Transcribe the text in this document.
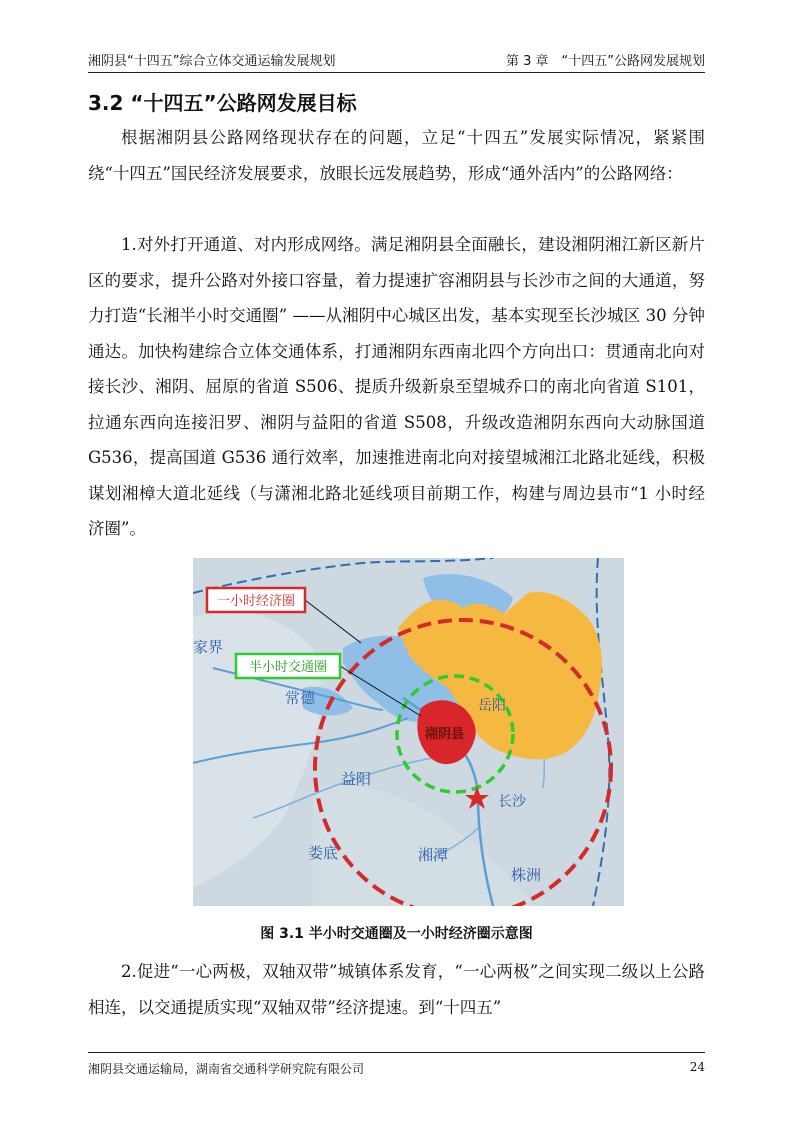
湘阴县“十四五”综合立体交通运输发展规划	第 3 章　“十四五”公路网发展规划
3.2 “十四五”公路网发展目标

根据湘阴县公路网络现状存在的问题，立足“十四五”发展实际情况，紧紧围绕“十四五”国民经济发展要求，放眼长远发展趋势，形成“通外活内”的公路网络：

1.对外打开通道、对内形成网络。满足湘阴县全面融长，建设湘阴湘江新区新片区的要求，提升公路对外接口容量，着力提速扩容湘阴县与长沙市之间的大通道，努力打造“长湘半小时交通圈” ——从湘阴中心城区出发，基本实现至长沙城区 30 分钟通达。加快构建综合立体交通体系，打通湘阴东西南北四个方向出口：贯通南北向对接长沙、湘阴、屈原的省道 S506、提质升级新泉至望城乔口的南北向省道 S101，拉通东西向连接汨罗、湘阴与益阳的省道 S508，升级改造湘阴东西向大动脉国道 G536，提高国道 G536 通行效率，加速推进南北向对接望城湘江北路北延线，积极谋划湘樟大道北延线（与潇湘北路北延线项目前期工作，构建与周边县市“1 小时经济圈”。

一小时经济圈
半小时交通圈
家界
常德	岳阳
湘阴县
益阳
长沙
娄底	湘潭
株洲
图 3.1 半小时交通圈及一小时经济圈示意图

2.促进“一心两极，双轴双带”城镇体系发育，“一心两极”之间实现二级以上公路相连，以交通提质实现“双轴双带”经济提速。到“十四五”

湘阴县交通运输局，湖南省交通科学研究院有限公司	24
